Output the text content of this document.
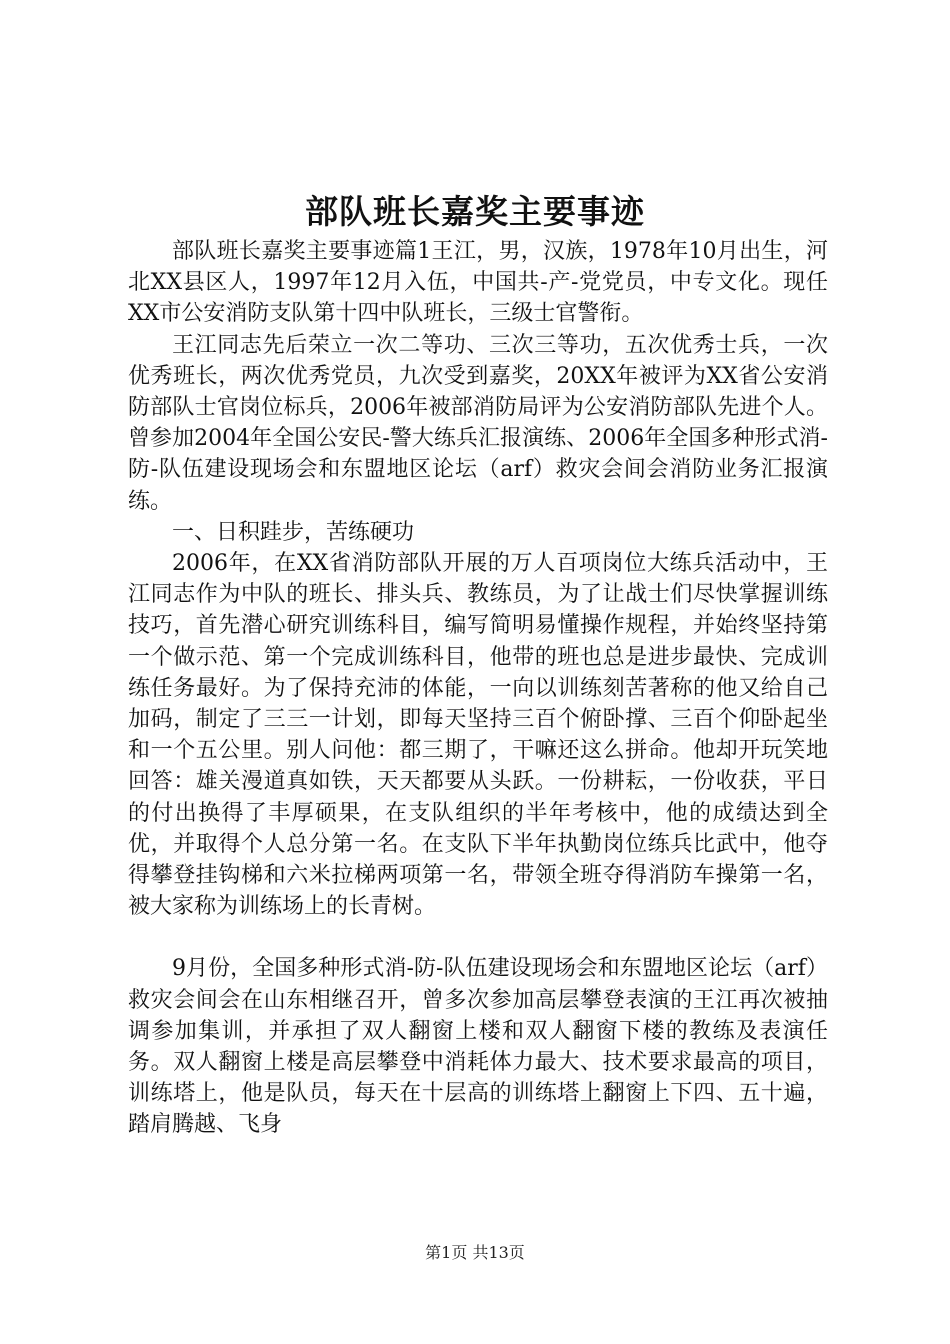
部队班长嘉奖主要事迹

部队班长嘉奖主要事迹篇1王江，男，汉族，1978年10月出生，河北XX县区人，1997年12月入伍，中国共-产-党党员，中专文化。现任XX市公安消防支队第十四中队班长，三级士官警衔。

王江同志先后荣立一次二等功、三次三等功，五次优秀士兵，一次优秀班长，两次优秀党员，九次受到嘉奖，20XX年被评为XX省公安消防部队士官岗位标兵，2006年被部消防局评为公安消防部队先进个人。曾参加2004年全国公安民-警大练兵汇报演练、2006年全国多种形式消-防-队伍建设现场会和东盟地区论坛（arf）救灾会间会消防业务汇报演练。

一、日积跬步，苦练硬功

2006年，在XX省消防部队开展的万人百项岗位大练兵活动中，王江同志作为中队的班长、排头兵、教练员，为了让战士们尽快掌握训练技巧，首先潜心研究训练科目，编写简明易懂操作规程，并始终坚持第一个做示范、第一个完成训练科目，他带的班也总是进步最快、完成训练任务最好。为了保持充沛的体能，一向以训练刻苦著称的他又给自己加码，制定了三三一计划，即每天坚持三百个俯卧撑、三百个仰卧起坐和一个五公里。别人问他：都三期了，干嘛还这么拼命。他却开玩笑地回答：雄关漫道真如铁，天天都要从头跃。一份耕耘，一份收获，平日的付出换得了丰厚硕果，在支队组织的半年考核中，他的成绩达到全优，并取得个人总分第一名。在支队下半年执勤岗位练兵比武中，他夺得攀登挂钩梯和六米拉梯两项第一名，带领全班夺得消防车操第一名，被大家称为训练场上的长青树。

9月份，全国多种形式消-防-队伍建设现场会和东盟地区论坛（arf）救灾会间会在山东相继召开，曾多次参加高层攀登表演的王江再次被抽调参加集训，并承担了双人翻窗上楼和双人翻窗下楼的教练及表演任务。双人翻窗上楼是高层攀登中消耗体力最大、技术要求最高的项目，训练塔上，他是队员，每天在十层高的训练塔上翻窗上下四、五十遍，踏肩腾越、飞身

第1页 共13页
